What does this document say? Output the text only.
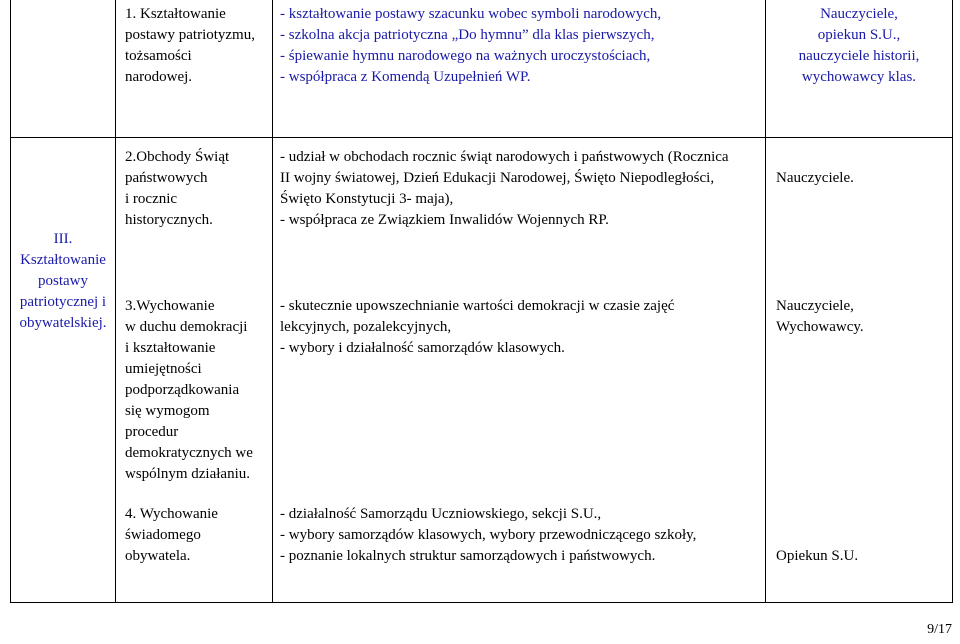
1. Kształtowanie
postawy patriotyzmu,
tożsamości
narodowej.
- kształtowanie postawy szacunku wobec symboli narodowych,
- szkolna akcja patriotyczna „Do hymnu” dla klas pierwszych,
- śpiewanie hymnu narodowego na ważnych uroczystościach,
- współpraca z Komendą Uzupełnień WP.
Nauczyciele,
opiekun S.U.,
nauczyciele historii,
wychowawcy klas.
III.
Kształtowanie
postawy
patriotycznej i
obywatelskiej.
2.Obchody Świąt
państwowych
i rocznic
historycznych.
- udział w obchodach rocznic świąt narodowych i państwowych (Rocznica
II wojny światowej, Dzień Edukacji Narodowej, Święto Niepodległości,
Święto Konstytucji 3- maja),
- współpraca ze Związkiem Inwalidów Wojennych RP.
Nauczyciele.
3.Wychowanie
w duchu demokracji
i kształtowanie
umiejętności
podporządkowania
się wymogom
procedur
demokratycznych we
wspólnym działaniu.
- skutecznie upowszechnianie wartości demokracji w czasie zajęć
lekcyjnych, pozalekcyjnych,
- wybory i działalność samorządów klasowych.
Nauczyciele,
Wychowawcy.
4. Wychowanie
świadomego
obywatela.
- działalność Samorządu Uczniowskiego, sekcji S.U.,
- wybory samorządów klasowych, wybory przewodniczącego szkoły,
- poznanie lokalnych struktur samorządowych i państwowych.	Opiekun S.U.
9/17
